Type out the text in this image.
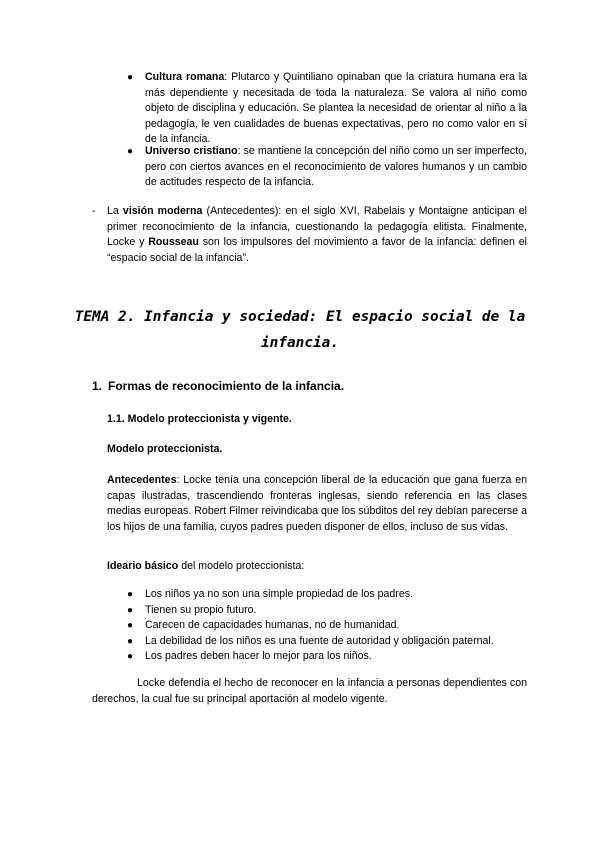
● Cultura romana: Plutarco y Quintiliano opinaban que la criatura humana era la más dependiente y necesitada de toda la naturaleza. Se valora al niño como objeto de disciplina y educación. Se plantea la necesidad de orientar al niño a la pedagogía, le ven cualidades de buenas expectativas, pero no como valor en sí de la infancia.
● Universo cristiano: se mantiene la concepción del niño como un ser imperfecto, pero con ciertos avances en el reconocimiento de valores humanos y un cambio de actitudes respecto de la infancia.
- La visión moderna (Antecedentes): en el siglo XVI, Rabelais y Montaigne anticipan el primer reconocimiento de la infancia, cuestionando la pedagogía elitista. Finalmente, Locke y Rousseau son los impulsores del movimiento a favor de la infancia: definen el “espacio social de la infancia”.
TEMA 2. Infancia y sociedad: El espacio social de la infancia.
1. Formas de reconocimiento de la infancia.
1.1. Modelo proteccionista y vigente.
Modelo proteccionista.
Antecedentes: Locke tenía una concepción liberal de la educación que gana fuerza en capas ilustradas, trascendiendo fronteras inglesas, siendo referencia en las clases medias europeas. Robert Filmer reivindicaba que los súbditos del rey debían parecerse a los hijos de una familia, cuyos padres pueden disponer de ellos, incluso de sus vidas.
Ideario básico del modelo proteccionista:
● Los niños ya no son una simple propiedad de los padres.
● Tienen su propio futuro.
● Carecen de capacidades humanas, no de humanidad.
● La debilidad de los niños es una fuente de autoridad y obligación paternal.
● Los padres deben hacer lo mejor para los niños.
Locke defendía el hecho de reconocer en la infancia a personas dependientes con derechos, la cual fue su principal aportación al modelo vigente.
